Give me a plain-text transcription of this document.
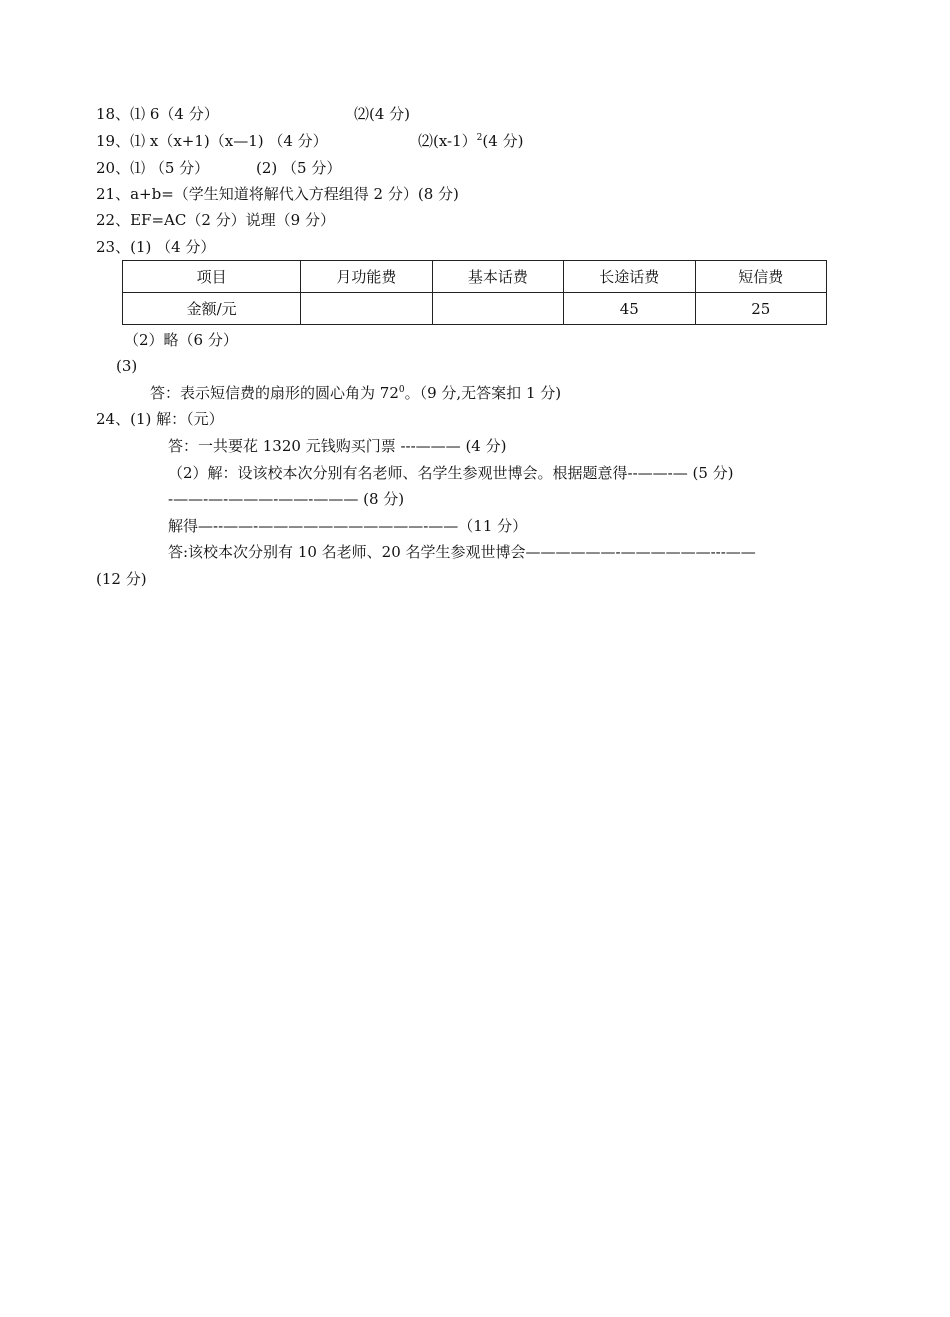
18、⑴ 6（4 分）	⑵(4 分)
19、⑴ x（x+1)（x—1) （4 分）	⑵(x-1）$^2$(4 分)
20、⑴ （5 分）	(2) （5 分）
21、a+b=（学生知道将解代入方程组得 2 分）(8 分)
22、EF=AC（2 分）说理（9 分）
23、(1) （4 分）
项目	月功能费	基本话费	长途话费	短信费
金额/元			45	25
（2）略（6 分）
(3)
答：表示短信费的扇形的圆心角为 $72^0$。（9 分,无答案扣 1 分)
24、(1) 解：（元）
答：一共要花 1320 元钱购买门票 ---——— (4 分)
（2）解：设该校本次分别有名老师、名学生参观世博会。根据题意得--——-— (5 分)
-——-—-———-——-——— (8 分)
解得—--——-———————————-——（11 分）
答:该校本次分别有 10 名老师、20 名学生参观世博会——————-——————---——
(12 分)
